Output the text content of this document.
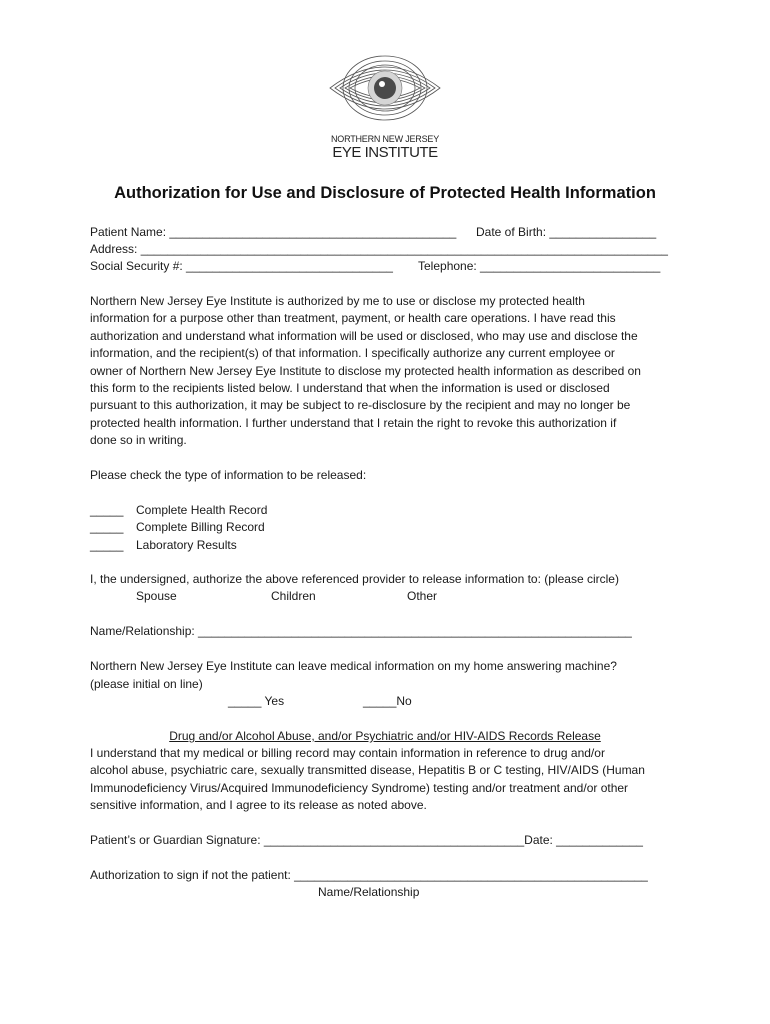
NORTHERN NEW JERSEY
EYE INSTITUTE
Authorization for Use and Disclosure of Protected Health Information
Patient Name: ___________________________________________ Date of Birth: ________________
Address: _______________________________________________________________________________
Social Security #: _______________________________ Telephone: ___________________________
Northern New Jersey Eye Institute is authorized by me to use or disclose my protected health
information for a purpose other than treatment, payment, or health care operations. I have read this
authorization and understand what information will be used or disclosed, who may use and disclose the
information, and the recipient(s) of that information. I specifically authorize any current employee or
owner of Northern New Jersey Eye Institute to disclose my protected health information as described on
this form to the recipients listed below. I understand that when the information is used or disclosed
pursuant to this authorization, it may be subject to re-disclosure by the recipient and may no longer be
protected health information. I further understand that I retain the right to revoke this authorization if
done so in writing.
Please check the type of information to be released:
_____ Complete Health Record
_____ Complete Billing Record
_____ Laboratory Results
I, the undersigned, authorize the above referenced provider to release information to: (please circle)
Spouse	Children	Other
Name/Relationship: _________________________________________________________________
Northern New Jersey Eye Institute can leave medical information on my home answering machine?
(please initial on line)
_____ Yes	_____No
Drug and/or Alcohol Abuse, and/or Psychiatric and/or HIV-AIDS Records Release
I understand that my medical or billing record may contain information in reference to drug and/or
alcohol abuse, psychiatric care, sexually transmitted disease, Hepatitis B or C testing, HIV/AIDS (Human
Immunodeficiency Virus/Acquired Immunodeficiency Syndrome) testing and/or treatment and/or other
sensitive information, and I agree to its release as noted above.
Patient’s or Guardian Signature: _______________________________________Date: _____________
Authorization to sign if not the patient: _____________________________________________________
Name/Relationship
